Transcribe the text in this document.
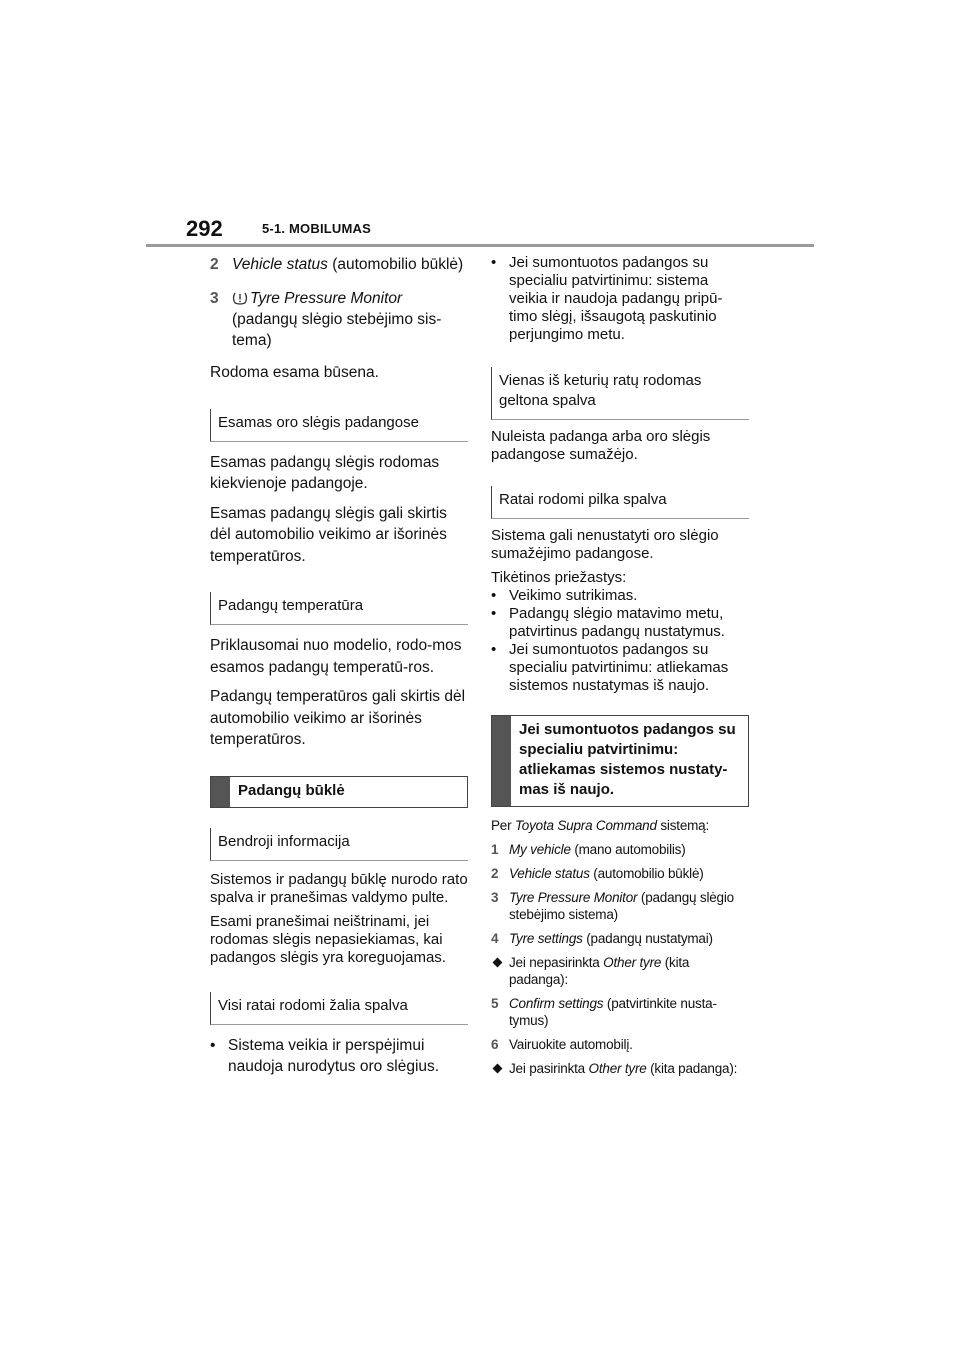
292	5-1. MOBILUMAS
2 Vehicle status (automobilio būklė)
3	Tyre Pressure Monitor
(padangų slėgio stebėjimo sis-tema)

Rodoma esama būsena.

Esamas oro slėgis padangose

Esamas padangų slėgis rodomas kiekvienoje padangoje.

Esamas padangų slėgis gali skirtis dėl automobilio veikimo ar išorinės temperatūros.

Padangų temperatūra

Priklausomai nuo modelio, rodo-mos esamos padangų temperatū-ros.

Padangų temperatūros gali skirtis dėl automobilio veikimo ar išorinės temperatūros.

Padangų būklė
Bendroji informacija

Sistemos ir padangų būklę nurodo rato spalva ir pranešimas valdymo pulte.

Esami pranešimai neištrinami, jei rodomas slėgis nepasiekiamas, kai padangos slėgis yra koreguojamas.

Visi ratai rodomi žalia spalva
• Sistema veikia ir perspėjimui naudoja nurodytus oro slėgius.
• Jei sumontuotos padangos su specialiu patvirtinimu: sistema veikia ir naudoja padangų pripū-timo slėgį, išsaugotą paskutinio perjungimo metu.
Vienas iš keturių ratų rodomas geltona spalva

Nuleista padanga arba oro slėgis padangose sumažėjo.

Ratai rodomi pilka spalva

Sistema gali nenustatyti oro slėgio sumažėjimo padangose.

Tikėtinos priežastys:

• Veikimo sutrikimas.
• Padangų slėgio matavimo metu, patvirtinus padangų nustatymus.
• Jei sumontuotos padangos su specialiu patvirtinimu: atliekamas sistemos nustatymas iš naujo.
Jei sumontuotos padangos su specialiu patvirtinimu: atliekamas sistemos nustaty-mas iš naujo.

Per Toyota Supra Command sistemą:

1 My vehicle (mano automobilis)
2 Vehicle status (automobilio būklė)
3 Tyre Pressure Monitor (padangų slėgio stebėjimo sistema)
4 Tyre settings (padangų nustatymai)
Jei nepasirinkta Other tyre (kita padanga):
5 Confirm settings (patvirtinkite nusta-tymus)
6 Vairuokite automobilį.
Jei pasirinkta Other tyre (kita padanga):
